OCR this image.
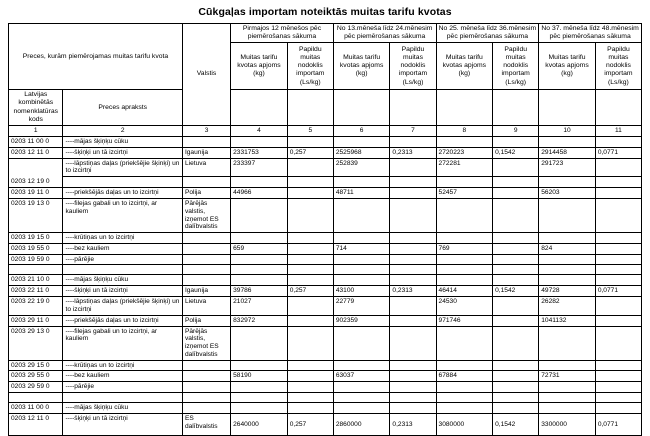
Cūkgaļas importam noteiktās muitas tarifu kvotas
Preces, kurām piemērojamas muitas tarifu kvota		Valstis	Pirmajos 12 mēnešos pēc piemērošanas sākuma		No 13.mēneša līdz 24.mēnesim pēc piemērošanas sākuma		No 25. mēneša līdz 36.mēnesim pēc piemērošanas sākuma		No 37. mēneša līdz 48.mēnesim pēc piemērošanas sākuma	
			Muitas tarifu kvotas apjoms (kg)	Papildu muitas nodoklis importam (Ls/kg)	Muitas tarifu kvotas apjoms (kg)	Papildu muitas nodoklis importam (Ls/kg)	Muitas tarifu kvotas apjoms (kg)	Papildu muitas nodoklis importam (Ls/kg)	Muitas tarifu kvotas apjoms (kg)	Papildu muitas nodoklis importam (Ls/kg)
Latvijas kombinētās nomenklatūras kods	Preces apraksts									
1	2	3	4	5	6	7	8	9	10	11
0203 11 00 0	----mājas šķiņķu cūku									
0203 12 11 0	----šķiņķi un tā izcirtņi	Igaunija	2331753	0,257	2525968	0,2313	2720223	0,1542	2914458	0,0771
	----lāpstiņas daļas (priekšējie šķinķi) un to izcirtņi	Lietuva	233397		252839		272281		291723	
0203 12 19 0										
0203 19 11 0	----priekšējās daļas un to izcirtņi	Polija	44966		48711		52457		56203	
0203 19 13 0	----filejas gabali un to izcirtņi, ar kauliem	Pārējās valstis, izņemot ES dalībvalstis								
0203 19 15 0	----krūtiņas un to izcirtņi									
0203 19 55 0	----bez kauliem		659		714		769		824	
0203 19 59 0	----pārējie									

0203 21 10 0	----mājas šķiņķu cūku									
0203 22 11 0	----šķiņķi un tā izcirtņi	Igaunija	39786	0,257	43100	0,2313	46414	0,1542	49728	0,0771
0203 22 19 0	----lāpstiņas daļas (priekšējie šķinķi) un to izcirtņi	Lietuva	21027		22779		24530		26282	
0203 29 11 0	----priekšējās daļas un to izcirtņi	Polija	832972		902359		971746		1041132	
0203 29 13 0	----filejas gabali un to izcirtņi, ar kauliem	Pārējās valstis, izņemot ES dalībvalstis								
0203 29 15 0	----krūtiņas un to izcirtņi									
0203 29 55 0	----bez kauliem		58190		63037		67884		72731	
0203 29 59 0	----pārējie									

0203 11 00 0	----mājas šķiņķu cūku									
0203 12 11 0	----šķiņķi un tā izcirtņi	ES dalībvalstis	2640000	0,257	2860000	0,2313	3080000	0,1542	3300000	0,0771
